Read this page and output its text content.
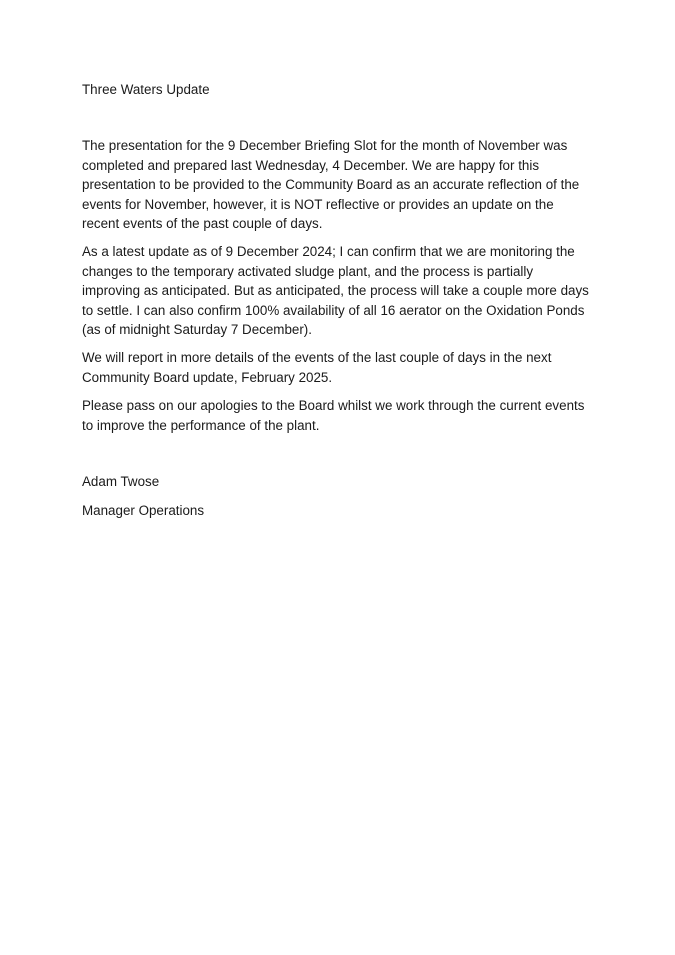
Three Waters Update

The presentation for the 9 December Briefing Slot for the month of November was completed and prepared last Wednesday, 4 December. We are happy for this presentation to be provided to the Community Board as an accurate reflection of the events for November, however, it is NOT reflective or provides an update on the recent events of the past couple of days.

As a latest update as of 9 December 2024; I can confirm that we are monitoring the changes to the temporary activated sludge plant, and the process is partially improving as anticipated. But as anticipated, the process will take a couple more days to settle. I can also confirm 100% availability of all 16 aerator on the Oxidation Ponds (as of midnight Saturday 7 December).

We will report in more details of the events of the last couple of days in the next Community Board update, February 2025.

Please pass on our apologies to the Board whilst we work through the current events to improve the performance of the plant.

Adam Twose

Manager Operations
